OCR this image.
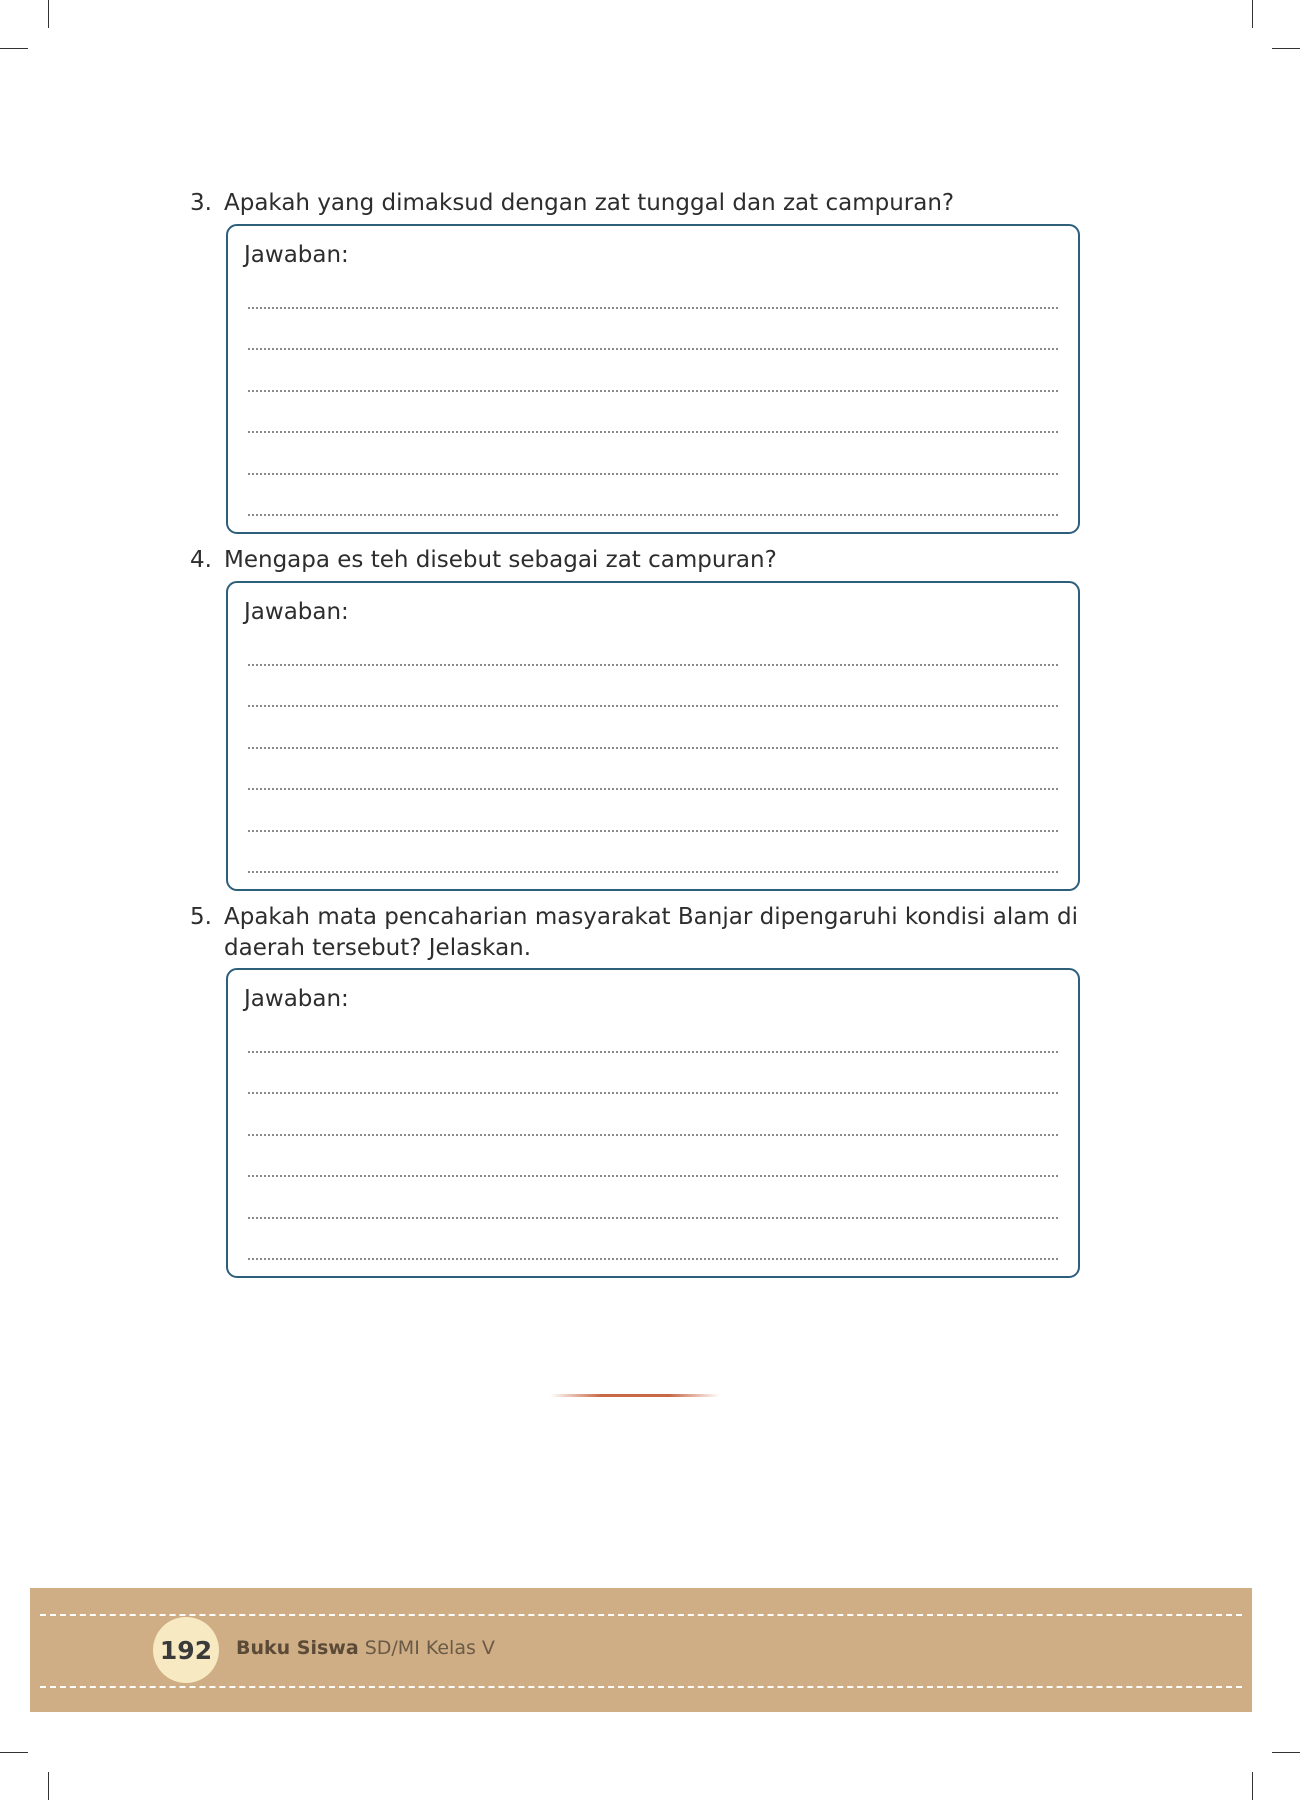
3. Apakah yang dimaksud dengan zat tunggal dan zat campuran?
Jawaban:
4. Mengapa es teh disebut sebagai zat campuran?
Jawaban:
5. Apakah mata pencaharian masyarakat Banjar dipengaruhi kondisi alam di
daerah tersebut? Jelaskan.
Jawaban:
192 Buku Siswa SD/MI Kelas V
